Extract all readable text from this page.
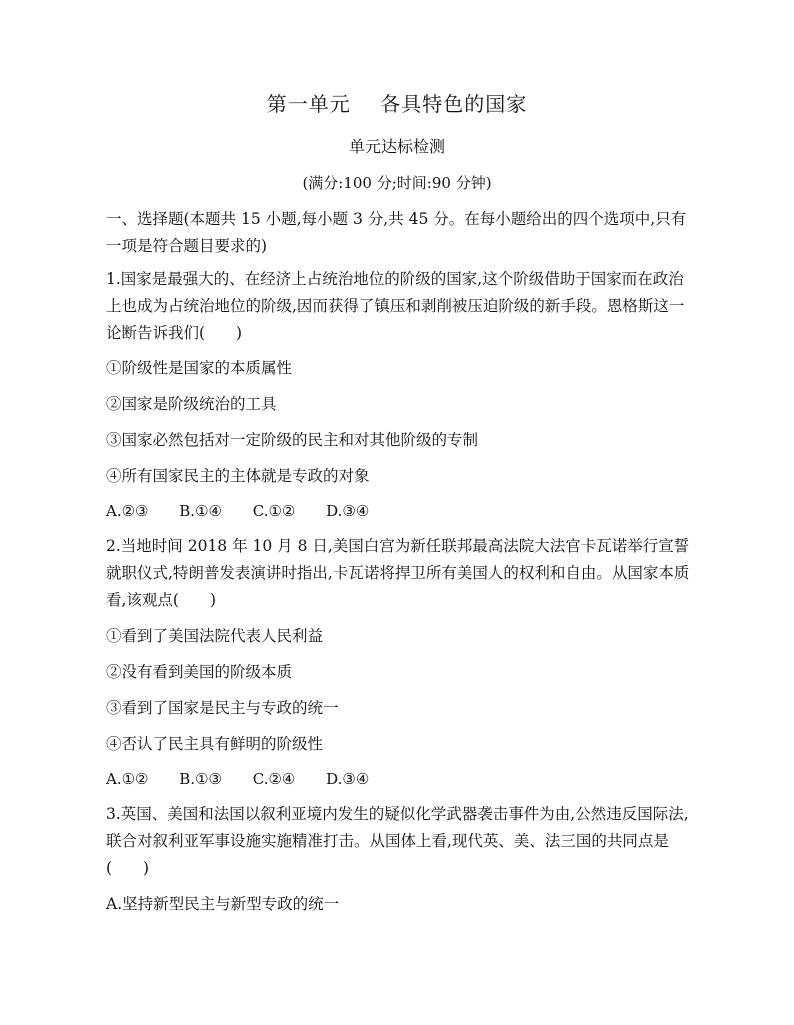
第一单元    各具特色的国家
单元达标检测
(满分:100 分;时间:90 分钟)
一、选择题(本题共 15 小题,每小题 3 分,共 45 分。在每小题给出的四个选项中,只有一项是符合题目要求的)
1.国家是最强大的、在经济上占统治地位的阶级的国家,这个阶级借助于国家而在政治上也成为占统治地位的阶级,因而获得了镇压和剥削被压迫阶级的新手段。恩格斯这一论断告诉我们(　　)
①阶级性是国家的本质属性
②国家是阶级统治的工具
③国家必然包括对一定阶级的民主和对其他阶级的专制
④所有国家民主的主体就是专政的对象
A.②③ B.①④ C.①② D.③④
2.当地时间 2018 年 10 月 8 日,美国白宫为新任联邦最高法院大法官卡瓦诺举行宣誓就职仪式,特朗普发表演讲时指出,卡瓦诺将捍卫所有美国人的权利和自由。从国家本质看,该观点(　　)
①看到了美国法院代表人民利益
②没有看到美国的阶级本质
③看到了国家是民主与专政的统一
④否认了民主具有鲜明的阶级性
A.①② B.①③ C.②④ D.③④
3.英国、美国和法国以叙利亚境内发生的疑似化学武器袭击事件为由,公然违反国际法,联合对叙利亚军事设施实施精准打击。从国体上看,现代英、美、法三国的共同点是(　　)
A.坚持新型民主与新型专政的统一
